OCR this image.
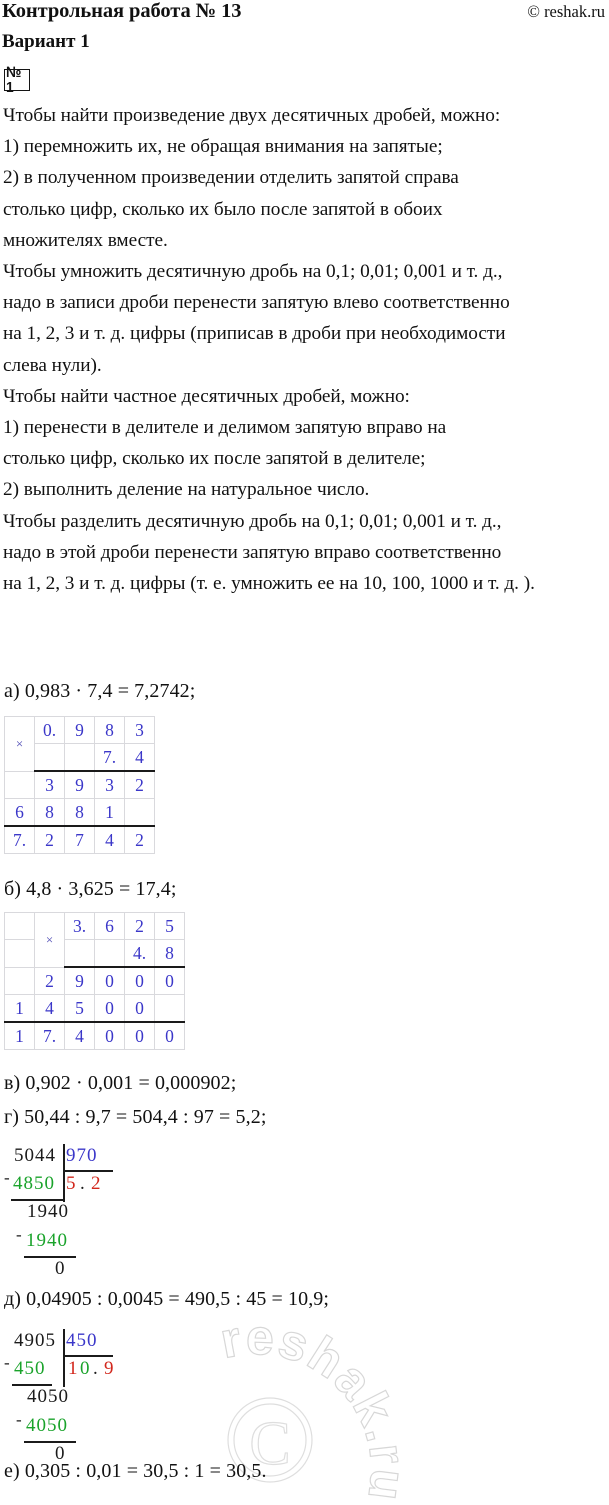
Контрольная работа № 13	© reshak.ru
Вариант 1
№ 1

Чтобы найти произведение двух десятичных дробей, можно:

1) перемножить их, не обращая внимания на запятые;

2) в полученном произведении отделить запятой справа

столько цифр, сколько их было после запятой в обоих

множителях вместе.

Чтобы умножить десятичную дробь на 0,1; 0,01; 0,001 и т. д.,

надо в записи дроби перенести запятую влево соответственно

на 1, 2, 3 и т. д. цифры (приписав в дроби при необходимости

слева нули).

Чтобы найти частное десятичных дробей, можно:

1) перенести в делителе и делимом запятую вправо на

столько цифр, сколько их после запятой в делителе;

2) выполнить деление на натуральное число.

Чтобы разделить десятичную дробь на 0,1; 0,01; 0,001 и т. д.,

надо в этой дроби перенести запятую вправо соответственно

на 1, 2, 3 и т. д. цифры (т. е. умножить ее на 10, 100, 1000 и т. д. ).

а) 0,983 · 7,4 = 7,2742;
×	0.	9	8	3
			7.	4
	3	9	3	2
6	8	8	1	
7.	2	7	4	2
б) 4,8 · 3,625 = 17,4;
	×	3.	6	2	5
				4.	8
	2	9	0	0	0
1	4	5	0	0	
1	7.	4	0	0	0
в) 0,902 · 0,001 = 0,000902;
г) 50,44 : 9,7 = 504,4 : 97 = 5,2;
5044 970
- 4850 5 . 2
1940
- 1940
0
д) 0,04905 : 0,0045 = 490,5 : 45 = 10,9;
4905 450
- 450 1 0 . 9
4050
- 4050
0
reshak.ru
C
е) 0,305 : 0,01 = 30,5 : 1 = 30,5.
